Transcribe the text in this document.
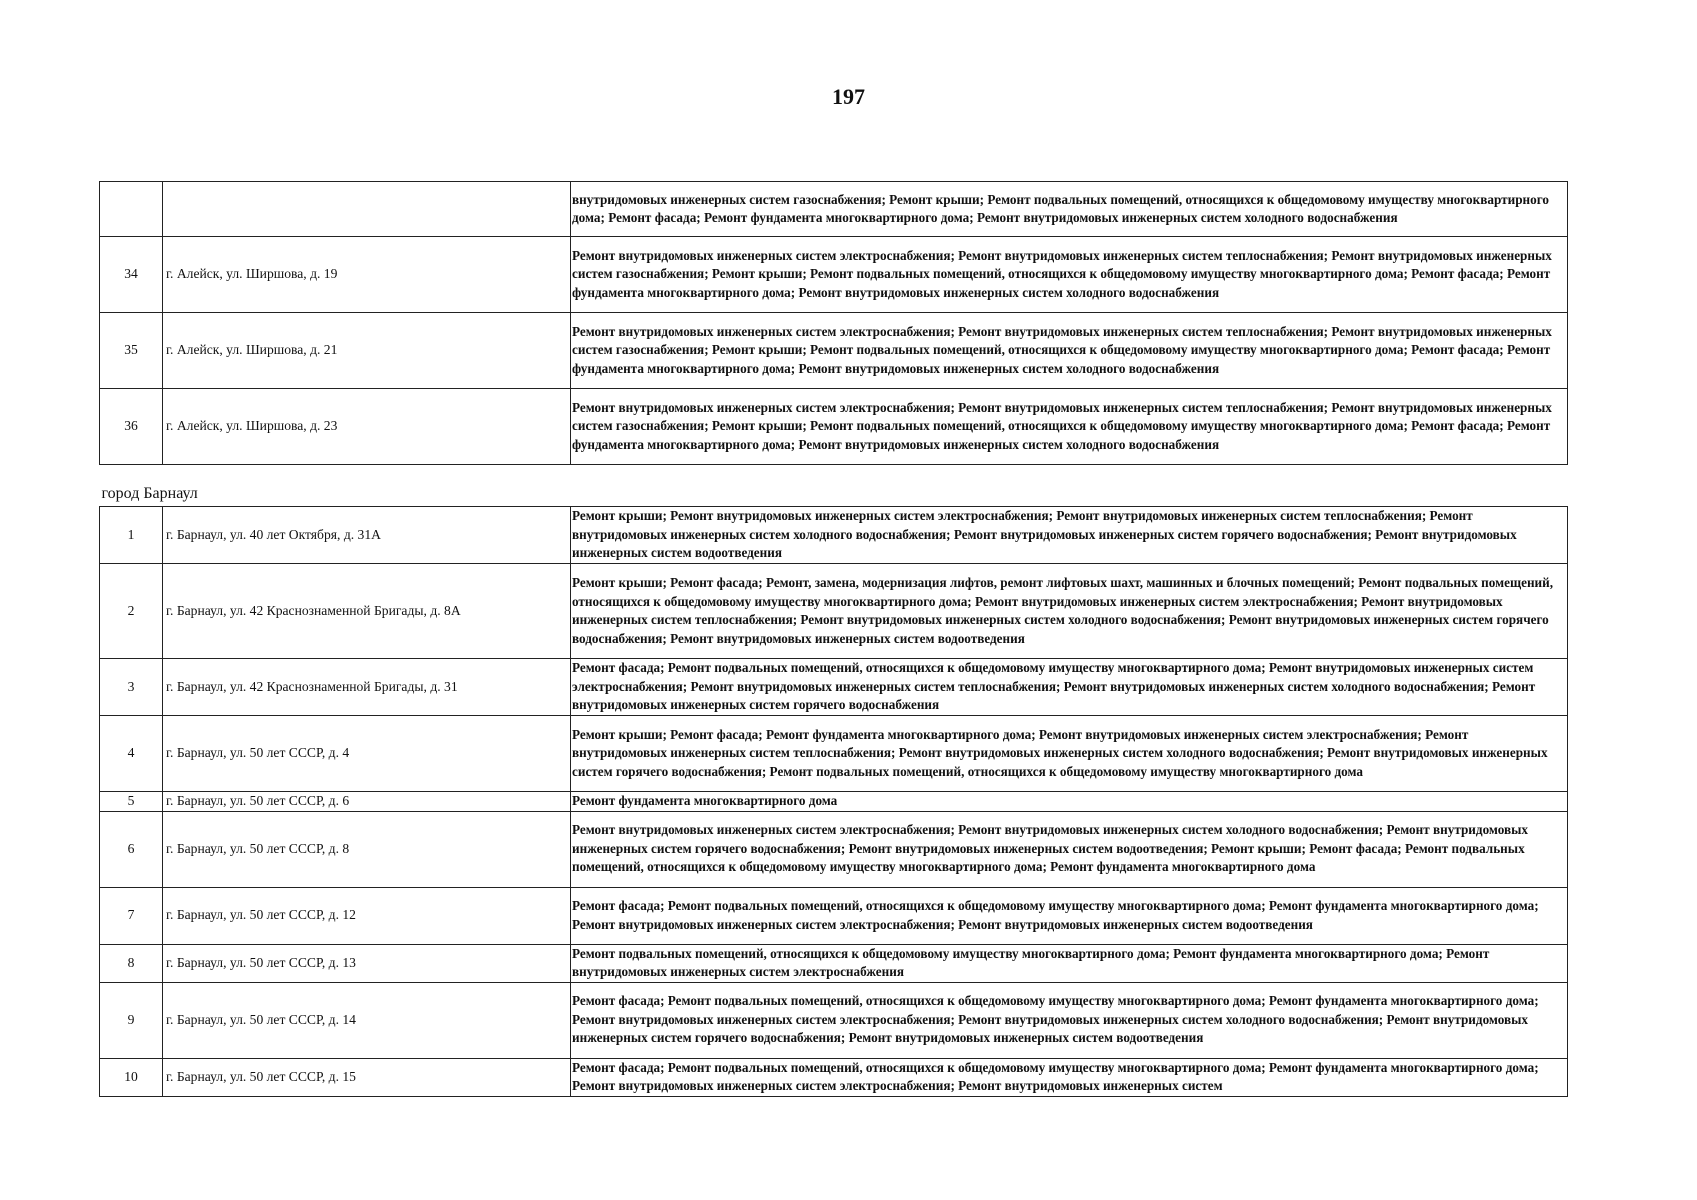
197
		внутридомовых инженерных систем газоснабжения; Ремонт крыши; Ремонт подвальных помещений, относящихся к общедомовому имуществу многоквартирного дома; Ремонт фасада; Ремонт фундамента многоквартирного дома; Ремонт внутридомовых инженерных систем холодного водоснабжения
34	г. Алейск, ул. Ширшова, д. 19	Ремонт внутридомовых инженерных систем электроснабжения; Ремонт внутридомовых инженерных систем теплоснабжения; Ремонт внутридомовых инженерных систем газоснабжения; Ремонт крыши; Ремонт подвальных помещений, относящихся к общедомовому имуществу многоквартирного дома; Ремонт фасада; Ремонт фундамента многоквартирного дома; Ремонт внутридомовых инженерных систем холодного водоснабжения
35	г. Алейск, ул. Ширшова, д. 21	Ремонт внутридомовых инженерных систем электроснабжения; Ремонт внутридомовых инженерных систем теплоснабжения; Ремонт внутридомовых инженерных систем газоснабжения; Ремонт крыши; Ремонт подвальных помещений, относящихся к общедомовому имуществу многоквартирного дома; Ремонт фасада; Ремонт фундамента многоквартирного дома; Ремонт внутридомовых инженерных систем холодного водоснабжения
36	г. Алейск, ул. Ширшова, д. 23	Ремонт внутридомовых инженерных систем электроснабжения; Ремонт внутридомовых инженерных систем теплоснабжения; Ремонт внутридомовых инженерных систем газоснабжения; Ремонт крыши; Ремонт подвальных помещений, относящихся к общедомовому имуществу многоквартирного дома; Ремонт фасада; Ремонт фундамента многоквартирного дома; Ремонт внутридомовых инженерных систем холодного водоснабжения
город Барнаул		
1	г. Барнаул, ул. 40 лет Октября, д. 31А	Ремонт крыши; Ремонт внутридомовых инженерных систем электроснабжения; Ремонт внутридомовых инженерных систем теплоснабжения; Ремонт внутридомовых инженерных систем холодного водоснабжения; Ремонт внутридомовых инженерных систем горячего водоснабжения; Ремонт внутридомовых инженерных систем водоотведения
2	г. Барнаул, ул. 42 Краснознаменной Бригады, д. 8А	Ремонт крыши; Ремонт фасада; Ремонт, замена, модернизация лифтов, ремонт лифтовых шахт, машинных и блочных помещений; Ремонт подвальных помещений, относящихся к общедомовому имуществу многоквартирного дома; Ремонт внутридомовых инженерных систем электроснабжения; Ремонт внутридомовых инженерных систем теплоснабжения; Ремонт внутридомовых инженерных систем холодного водоснабжения; Ремонт внутридомовых инженерных систем горячего водоснабжения; Ремонт внутридомовых инженерных систем водоотведения
3	г. Барнаул, ул. 42 Краснознаменной Бригады, д. 31	Ремонт фасада; Ремонт подвальных помещений, относящихся к общедомовому имуществу многоквартирного дома; Ремонт внутридомовых инженерных систем электроснабжения; Ремонт внутридомовых инженерных систем теплоснабжения; Ремонт внутридомовых инженерных систем холодного водоснабжения; Ремонт внутридомовых инженерных систем горячего водоснабжения
4	г. Барнаул, ул. 50 лет СССР, д. 4	Ремонт крыши; Ремонт фасада; Ремонт фундамента многоквартирного дома; Ремонт внутридомовых инженерных систем электроснабжения; Ремонт внутридомовых инженерных систем теплоснабжения; Ремонт внутридомовых инженерных систем холодного водоснабжения; Ремонт внутридомовых инженерных систем горячего водоснабжения; Ремонт подвальных помещений, относящихся к общедомовому имуществу многоквартирного дома
5	г. Барнаул, ул. 50 лет СССР, д. 6	Ремонт фундамента многоквартирного дома
6	г. Барнаул, ул. 50 лет СССР, д. 8	Ремонт внутридомовых инженерных систем электроснабжения; Ремонт внутридомовых инженерных систем холодного водоснабжения; Ремонт внутридомовых инженерных систем горячего водоснабжения; Ремонт внутридомовых инженерных систем водоотведения; Ремонт крыши; Ремонт фасада; Ремонт подвальных помещений, относящихся к общедомовому имуществу многоквартирного дома; Ремонт фундамента многоквартирного дома
7	г. Барнаул, ул. 50 лет СССР, д. 12	Ремонт фасада; Ремонт подвальных помещений, относящихся к общедомовому имуществу многоквартирного дома; Ремонт фундамента многоквартирного дома; Ремонт внутридомовых инженерных систем электроснабжения; Ремонт внутридомовых инженерных систем водоотведения
8	г. Барнаул, ул. 50 лет СССР, д. 13	Ремонт подвальных помещений, относящихся к общедомовому имуществу многоквартирного дома; Ремонт фундамента многоквартирного дома; Ремонт внутридомовых инженерных систем электроснабжения
9	г. Барнаул, ул. 50 лет СССР, д. 14	Ремонт фасада; Ремонт подвальных помещений, относящихся к общедомовому имуществу многоквартирного дома; Ремонт фундамента многоквартирного дома; Ремонт внутридомовых инженерных систем электроснабжения; Ремонт внутридомовых инженерных систем холодного водоснабжения; Ремонт внутридомовых инженерных систем горячего водоснабжения; Ремонт внутридомовых инженерных систем водоотведения
10	г. Барнаул, ул. 50 лет СССР, д. 15	Ремонт фасада; Ремонт подвальных помещений, относящихся к общедомовому имуществу многоквартирного дома; Ремонт фундамента многоквартирного дома; Ремонт внутридомовых инженерных систем электроснабжения; Ремонт внутридомовых инженерных систем
